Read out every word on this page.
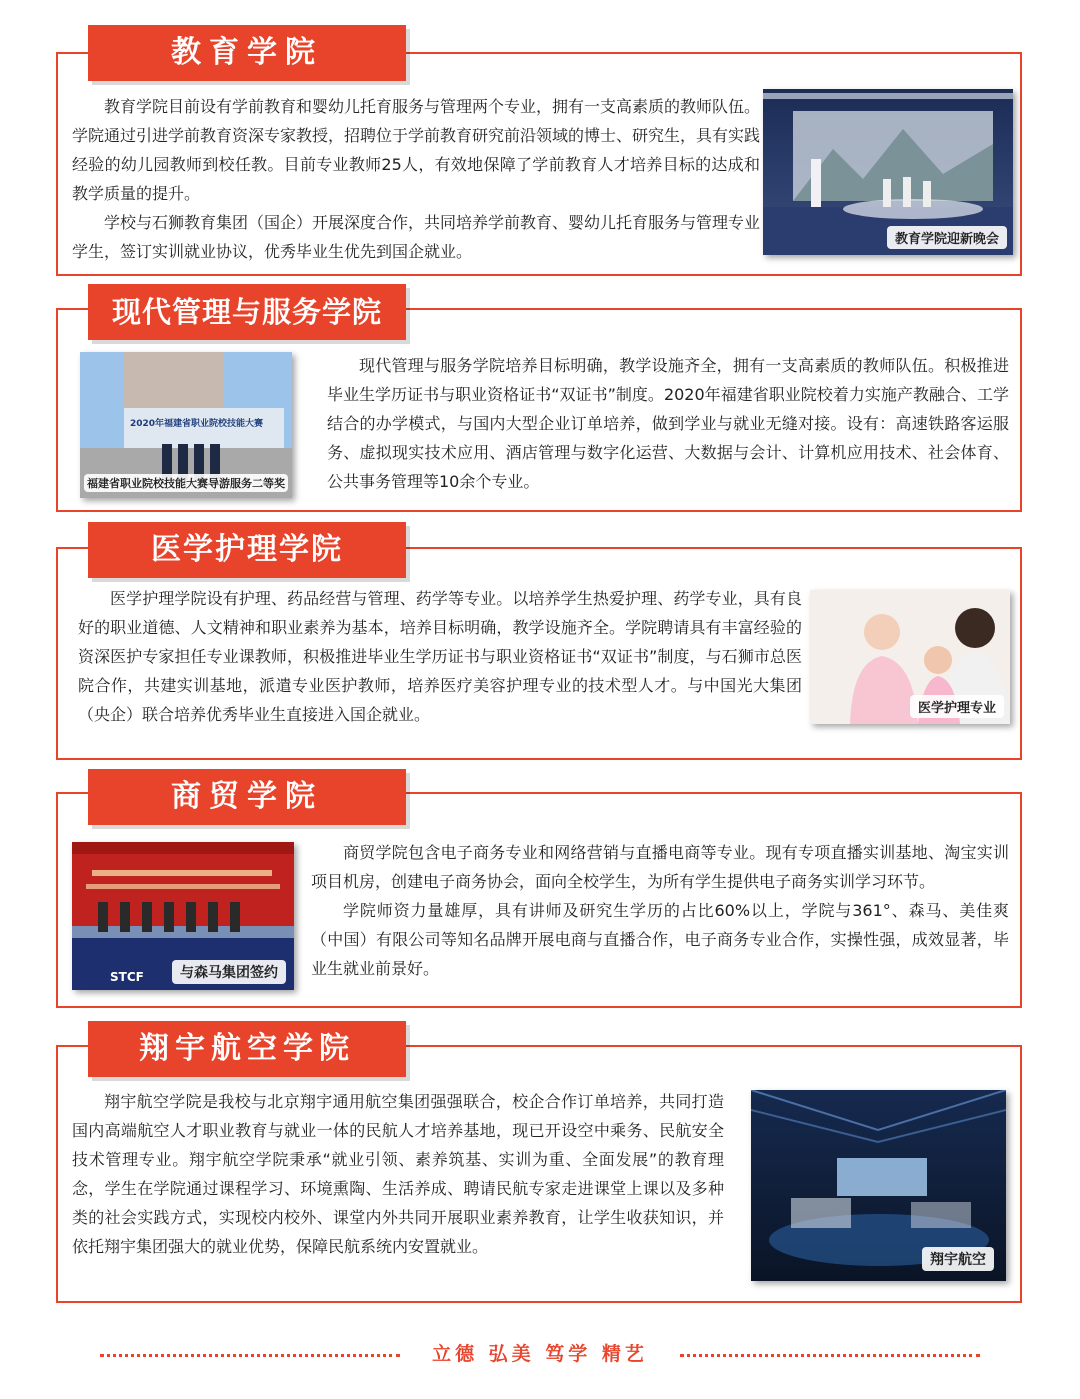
教育学院

教育学院目前设有学前教育和婴幼儿托育服务与管理两个专业，拥有一支高素质的教师队伍。学院通过引进学前教育资深专家教授，招聘位于学前教育研究前沿领域的博士、研究生，具有实践经验的幼儿园教师到校任教。目前专业教师25人，有效地保障了学前教育人才培养目标的达成和教学质量的提升。

学校与石狮教育集团（国企）开展深度合作，共同培养学前教育、婴幼儿托育服务与管理专业学生，签订实训就业协议，优秀毕业生优先到国企就业。

教育学院迎新晚会
现代管理与服务学院
2020年福建省职业院校技能大赛
福建省职业院校技能大赛导游服务二等奖

现代管理与服务学院培养目标明确，教学设施齐全，拥有一支高素质的教师队伍。积极推进毕业生学历证书与职业资格证书“双证书”制度。2020年福建省职业院校着力实施产教融合、工学结合的办学模式，与国内大型企业订单培养，做到学业与就业无缝对接。设有：高速铁路客运服务、虚拟现实技术应用、酒店管理与数字化运营、大数据与会计、计算机应用技术、社会体育、公共事务管理等10余个专业。

医学护理学院

医学护理学院设有护理、药品经营与管理、药学等专业。以培养学生热爱护理、药学专业，具有良好的职业道德、人文精神和职业素养为基本，培养目标明确，教学设施齐全。学院聘请具有丰富经验的资深医护专家担任专业课教师，积极推进毕业生学历证书与职业资格证书“双证书”制度，与石狮市总医院合作，共建实训基地，派遣专业医护教师，培养医疗美容护理专业的技术型人才。与中国光大集团（央企）联合培养优秀毕业生直接进入国企就业。	医学护理专业
商贸学院
STCF	与森马集团签约

商贸学院包含电子商务专业和网络营销与直播电商等专业。现有专项直播实训基地、淘宝实训项目机房，创建电子商务协会，面向全校学生，为所有学生提供电子商务实训学习环节。

学院师资力量雄厚，具有讲师及研究生学历的占比60%以上，学院与361°、森马、美佳爽（中国）有限公司等知名品牌开展电商与直播合作，电子商务专业合作，实操性强，成效显著，毕业生就业前景好。

翔宇航空学院

翔宇航空学院是我校与北京翔宇通用航空集团强强联合，校企合作订单培养，共同打造国内高端航空人才职业教育与就业一体的民航人才培养基地，现已开设空中乘务、民航安全技术管理专业。翔宇航空学院秉承“就业引领、素养筑基、实训为重、全面发展”的教育理念，学生在学院通过课程学习、环境熏陶、生活养成、聘请民航专家走进课堂上课以及多种类的社会实践方式，实现校内校外、课堂内外共同开展职业素养教育，让学生收获知识，并依托翔宇集团强大的就业优势，保障民航系统内安置就业。

翔宇航空
立德 弘美 笃学 精艺
